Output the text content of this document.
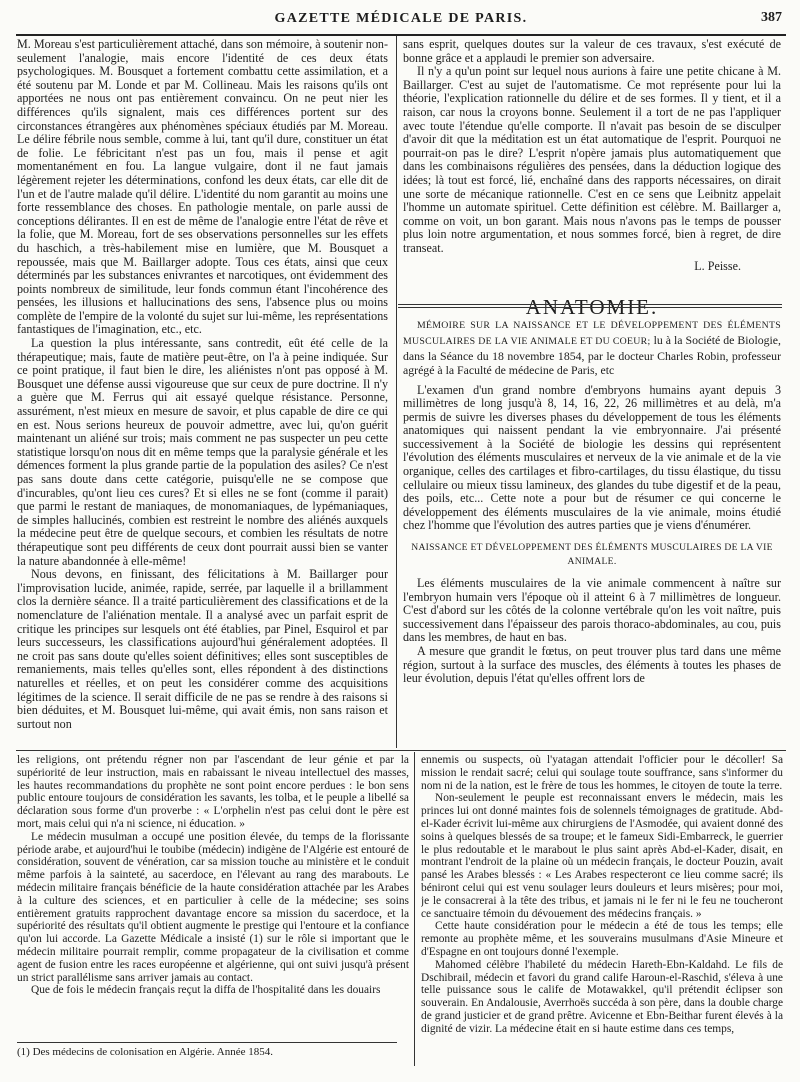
GAZETTE MÉDICALE DE PARIS.	387

M. Moreau s'est particulièrement attaché, dans son mémoire, à soutenir non-seulement l'analogie, mais encore l'identité de ces deux états psychologiques. M. Bousquet a fortement combattu cette assimilation, et a été soutenu par M. Londe et par M. Collineau. Mais les raisons qu'ils ont apportées ne nous ont pas entièrement convaincu. On ne peut nier les différences qu'ils signalent, mais ces différences portent sur des circonstances étrangères aux phénomènes spéciaux étudiés par M. Moreau. Le délire fébrile nous semble, comme à lui, tant qu'il dure, constituer un état de folie. Le fébricitant n'est pas un fou, mais il pense et agit momentanément en fou. La langue vulgaire, dont il ne faut jamais légèrement rejeter les déterminations, confond les deux états, car elle dit de l'un et de l'autre malade qu'il délire. L'identité du nom garantit au moins une forte ressemblance des choses. En pathologie mentale, on parle aussi de conceptions délirantes. Il en est de même de l'analogie entre l'état de rêve et la folie, que M. Moreau, fort de ses observations personnelles sur les effets du haschich, a très-habilement mise en lumière, que M. Bousquet a repoussée, mais que M. Baillarger adopte. Tous ces états, ainsi que ceux déterminés par les substances enivrantes et narcotiques, ont évidemment des points nombreux de similitude, leur fonds commun étant l'incohérence des pensées, les illusions et hallucinations des sens, l'absence plus ou moins complète de l'empire de la volonté du sujet sur lui-même, les représentations fantastiques de l'imagination, etc., etc.

La question la plus intéressante, sans contredit, eût été celle de la thérapeutique; mais, faute de matière peut-être, on l'a à peine indiquée. Sur ce point pratique, il faut bien le dire, les aliénistes n'ont pas opposé à M. Bousquet une défense aussi vigoureuse que sur ceux de pure doctrine. Il n'y a guère que M. Ferrus qui ait essayé quelque résistance. Personne, assurément, n'est mieux en mesure de savoir, et plus capable de dire ce qui en est. Nous serions heureux de pouvoir admettre, avec lui, qu'on guérit maintenant un aliéné sur trois; mais comment ne pas suspecter un peu cette statistique lorsqu'on nous dit en même temps que la paralysie générale et les démences forment la plus grande partie de la population des asiles? Ce n'est pas sans doute dans cette catégorie, puisqu'elle ne se compose que d'incurables, qu'ont lieu ces cures? Et si elles ne se font (comme il parait) que parmi le restant de maniaques, de monomaniaques, de lypémaniaques, de simples hallucinés, combien est restreint le nombre des aliénés auxquels la médecine peut être de quelque secours, et combien les résultats de notre thérapeutique sont peu différents de ceux dont pourrait aussi bien se vanter la nature abandonnée à elle-même!

Nous devons, en finissant, des félicitations à M. Baillarger pour l'improvisation lucide, animée, rapide, serrée, par laquelle il a brillamment clos la dernière séance. Il a traité particulièrement des classifications et de la nomenclature de l'aliénation mentale. Il a analysé avec un parfait esprit de critique les principes sur lesquels ont été établies, par Pinel, Esquirol et par leurs successeurs, les classifications aujourd'hui généralement adoptées. Il ne croit pas sans doute qu'elles soient définitives; elles sont susceptibles de remaniements, mais telles qu'elles sont, elles répondent à des distinctions naturelles et réelles, et on peut les considérer comme des acquisitions légitimes de la science. Il serait difficile de ne pas se rendre à des raisons si bien déduites, et M. Bousquet lui-même, qui avait émis, non sans raison et surtout non

sans esprit, quelques doutes sur la valeur de ces travaux, s'est exécuté de bonne grâce et a applaudi le premier son adversaire.

Il n'y a qu'un point sur lequel nous aurions à faire une petite chicane à M. Baillarger. C'est au sujet de l'automatisme. Ce mot représente pour lui la théorie, l'explication rationnelle du délire et de ses formes. Il y tient, et il a raison, car nous la croyons bonne. Seulement il a tort de ne pas l'appliquer avec toute l'étendue qu'elle comporte. Il n'avait pas besoin de se disculper d'avoir dit que la méditation est un état automatique de l'esprit. Pourquoi ne pourrait-on pas le dire? L'esprit n'opère jamais plus automatiquement que dans les combinaisons régulières des pensées, dans la déduction logique des idées; là tout est forcé, lié, enchaîné dans des rapports nécessaires, on dirait une sorte de mécanique rationnelle. C'est en ce sens que Leibnitz appelait l'homme un automate spirituel. Cette définition est célèbre. M. Baillarger a, comme on voit, un bon garant. Mais nous n'avons pas le temps de pousser plus loin notre argumentation, et nous sommes forcé, bien à regret, de dire transeat.

L. Peisse.

ANATOMIE.

MÉMOIRE SUR LA NAISSANCE ET LE DÉVELOPPEMENT DES ÉLÉMENTS MUSCULAIRES DE LA VIE ANIMALE ET DU COEUR; lu à la Société de Biologie, dans la Séance du 18 novembre 1854, par le docteur Charles Robin, professeur agrégé à la Faculté de médecine de Paris, etc

L'examen d'un grand nombre d'embryons humains ayant depuis 3 millimètres de long jusqu'à 8, 14, 16, 22, 26 millimètres et au delà, m'a permis de suivre les diverses phases du développement de tous les éléments anatomiques qui naissent pendant la vie embryonnaire. J'ai présenté successivement à la Société de biologie les dessins qui représentent l'évolution des éléments musculaires et nerveux de la vie animale et de la vie organique, celles des cartilages et fibro-cartilages, du tissu élastique, du tissu cellulaire ou mieux tissu lamineux, des glandes du tube digestif et de la peau, des poils, etc... Cette note a pour but de résumer ce qui concerne le développement des éléments musculaires de la vie animale, moins étudié chez l'homme que l'évolution des autres parties que je viens d'énumérer.

NAISSANCE ET DÉVELOPPEMENT DES ÉLÉMENTS MUSCULAIRES DE LA VIE ANIMALE.

Les éléments musculaires de la vie animale commencent à naître sur l'embryon humain vers l'époque où il atteint 6 à 7 millimètres de longueur. C'est d'abord sur les côtés de la colonne vertébrale qu'on les voit naître, puis successivement dans l'épaisseur des parois thoraco-abdominales, au cou, puis dans les membres, de haut en bas.

A mesure que grandit le fœtus, on peut trouver plus tard dans une même région, surtout à la surface des muscles, des éléments à toutes les phases de leur évolution, depuis l'état qu'elles offrent lors de

les religions, ont prétendu régner non par l'ascendant de leur génie et par la supériorité de leur instruction, mais en rabaissant le niveau intellectuel des masses, les hautes recommandations du prophète ne sont point encore perdues : le bon sens public entoure toujours de considération les savants, les tolba, et le peuple a libellé sa déclaration sous forme d'un proverbe : « L'orphelin n'est pas celui dont le père est mort, mais celui qui n'a ni science, ni éducation. »

Le médecin musulman a occupé une position élevée, du temps de la florissante période arabe, et aujourd'hui le toubibe (médecin) indigène de l'Algérie est entouré de considération, souvent de vénération, car sa mission touche au ministère et le conduit même parfois à la sainteté, au sacerdoce, en l'élevant au rang des marabouts. Le médecin militaire français bénéficie de la haute considération attachée par les Arabes à la culture des sciences, et en particulier à celle de la médecine; ses soins entièrement gratuits rapprochent davantage encore sa mission du sacerdoce, et la supériorité des résultats qu'il obtient augmente le prestige qui l'entoure et la confiance qu'on lui accorde. La Gazette Médicale a insisté (1) sur le rôle si important que le médecin militaire pourrait remplir, comme propagateur de la civilisation et comme agent de fusion entre les races européenne et algérienne, qui ont suivi jusqu'à présent un strict parallélisme sans arriver jamais au contact.

Que de fois le médecin français reçut la diffa de l'hospitalité dans les douairs

ennemis ou suspects, où l'yatagan attendait l'officier pour le décoller! Sa mission le rendait sacré; celui qui soulage toute souffrance, sans s'informer du nom ni de la nation, est le frère de tous les hommes, le citoyen de toute la terre.

Non-seulement le peuple est reconnaissant envers le médecin, mais les princes lui ont donné maintes fois de solennels témoignages de gratitude. Abd-el-Kader écrivit lui-même aux chirurgiens de l'Asmodée, qui avaient donné des soins à quelques blessés de sa troupe; et le fameux Sidi-Embarreck, le guerrier le plus redoutable et le marabout le plus saint après Abd-el-Kader, disait, en montrant l'endroit de la plaine où un médecin français, le docteur Pouzin, avait pansé les Arabes blessés : « Les Arabes respecteront ce lieu comme sacré; ils béniront celui qui est venu soulager leurs douleurs et leurs misères; pour moi, je le consacrerai à la tête des tribus, et jamais ni le fer ni le feu ne toucheront ce sanctuaire témoin du dévouement des médecins français. »

Cette haute considération pour le médecin a été de tous les temps; elle remonte au prophète même, et les souverains musulmans d'Asie Mineure et d'Espagne en ont toujours donné l'exemple.

Mahomed célèbre l'habileté du médecin Hareth-Ebn-Kaldahd. Le fils de Dschibrail, médecin et favori du grand calife Haroun-el-Raschid, s'éleva à une telle puissance sous le calife de Motawakkel, qu'il prétendit éclipser son souverain. En Andalousie, Averrhoës succéda à son père, dans la double charge de grand justicier et de grand prêtre. Avicenne et Ebn-Beithar furent élevés à la dignité de vizir. La médecine était en si haute estime dans ces temps,

(1) Des médecins de colonisation en Algérie. Année 1854.
